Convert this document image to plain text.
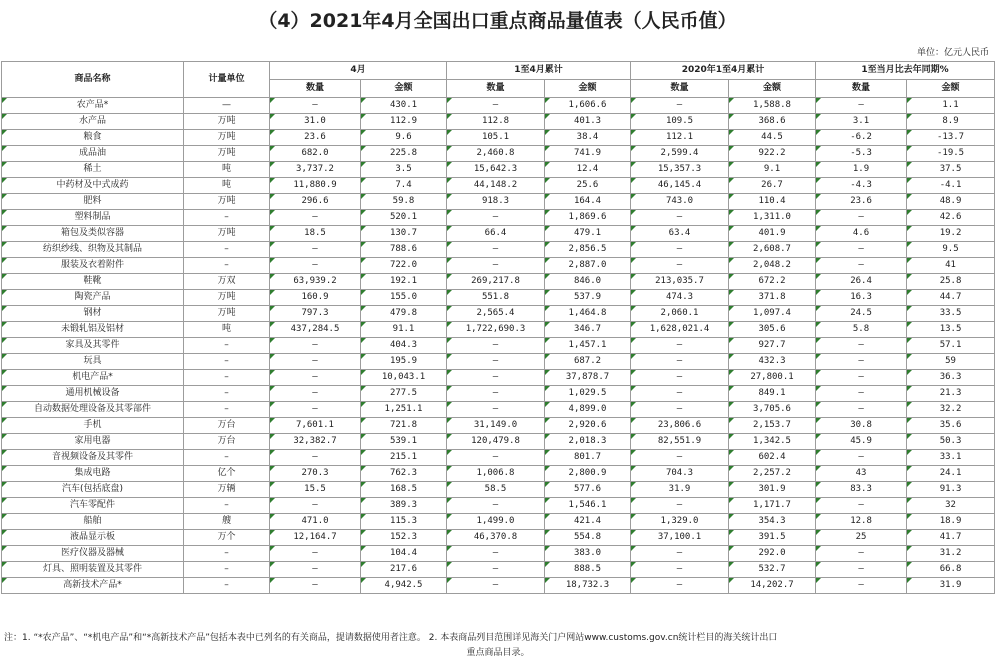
（4）2021年4月全国出口重点商品量值表（人民币值）
单位：亿元人民币
商品名称	计量单位	4月		1至4月累计		2020年1至4月累计		1至当月比去年同期%	
		数量	金额	数量	金额	数量	金额	数量	金额
农产品*	—	–	430.1	–	1,606.6	–	1,588.8	–	1.1
水产品	万吨	31.0	112.9	112.8	401.3	109.5	368.6	3.1	8.9
粮食	万吨	23.6	9.6	105.1	38.4	112.1	44.5	-6.2	-13.7
成品油	万吨	682.0	225.8	2,460.8	741.9	2,599.4	922.2	-5.3	-19.5
稀土	吨	3,737.2	3.5	15,642.3	12.4	15,357.3	9.1	1.9	37.5
中药材及中式成药	吨	11,880.9	7.4	44,148.2	25.6	46,145.4	26.7	-4.3	-4.1
肥料	万吨	296.6	59.8	918.3	164.4	743.0	110.4	23.6	48.9
塑料制品	–	–	520.1	–	1,869.6	–	1,311.0	–	42.6
箱包及类似容器	万吨	18.5	130.7	66.4	479.1	63.4	401.9	4.6	19.2
纺织纱线、织物及其制品	–	–	788.6	–	2,856.5	–	2,608.7	–	9.5
服装及衣着附件	–	–	722.0	–	2,887.0	–	2,048.2	–	41
鞋靴	万双	63,939.2	192.1	269,217.8	846.0	213,035.7	672.2	26.4	25.8
陶瓷产品	万吨	160.9	155.0	551.8	537.9	474.3	371.8	16.3	44.7
钢材	万吨	797.3	479.8	2,565.4	1,464.8	2,060.1	1,097.4	24.5	33.5
未锻轧铝及铝材	吨	437,284.5	91.1	1,722,690.3	346.7	1,628,021.4	305.6	5.8	13.5
家具及其零件	–	–	404.3	–	1,457.1	–	927.7	–	57.1
玩具	–	–	195.9	–	687.2	–	432.3	–	59
机电产品*	–	–	10,043.1	–	37,878.7	–	27,800.1	–	36.3
通用机械设备	–	–	277.5	–	1,029.5	–	849.1	–	21.3
自动数据处理设备及其零部件	–	–	1,251.1	–	4,899.0	–	3,705.6	–	32.2
手机	万台	7,601.1	721.8	31,149.0	2,920.6	23,806.6	2,153.7	30.8	35.6
家用电器	万台	32,382.7	539.1	120,479.8	2,018.3	82,551.9	1,342.5	45.9	50.3
音视频设备及其零件	–	–	215.1	–	801.7	–	602.4	–	33.1
集成电路	亿个	270.3	762.3	1,006.8	2,800.9	704.3	2,257.2	43	24.1
汽车(包括底盘)	万辆	15.5	168.5	58.5	577.6	31.9	301.9	83.3	91.3
汽车零配件	–	–	389.3	–	1,546.1	–	1,171.7	–	32
船舶	艘	471.0	115.3	1,499.0	421.4	1,329.0	354.3	12.8	18.9
液晶显示板	万个	12,164.7	152.3	46,370.8	554.8	37,100.1	391.5	25	41.7
医疗仪器及器械	–	–	104.4	–	383.0	–	292.0	–	31.2
灯具、照明装置及其零件	–	–	217.6	–	888.5	–	532.7	–	66.8
高新技术产品*	–	–	4,942.5	–	18,732.3	–	14,202.7	–	31.9
注：1. “*农产品”、“*机电产品”和“*高新技术产品”包括本表中已列名的有关商品，提请数据使用者注意。 2. 本表商品列目范围详见海关门户网站www.customs.gov.cn统计栏目的海关统计出口
重点商品目录。
